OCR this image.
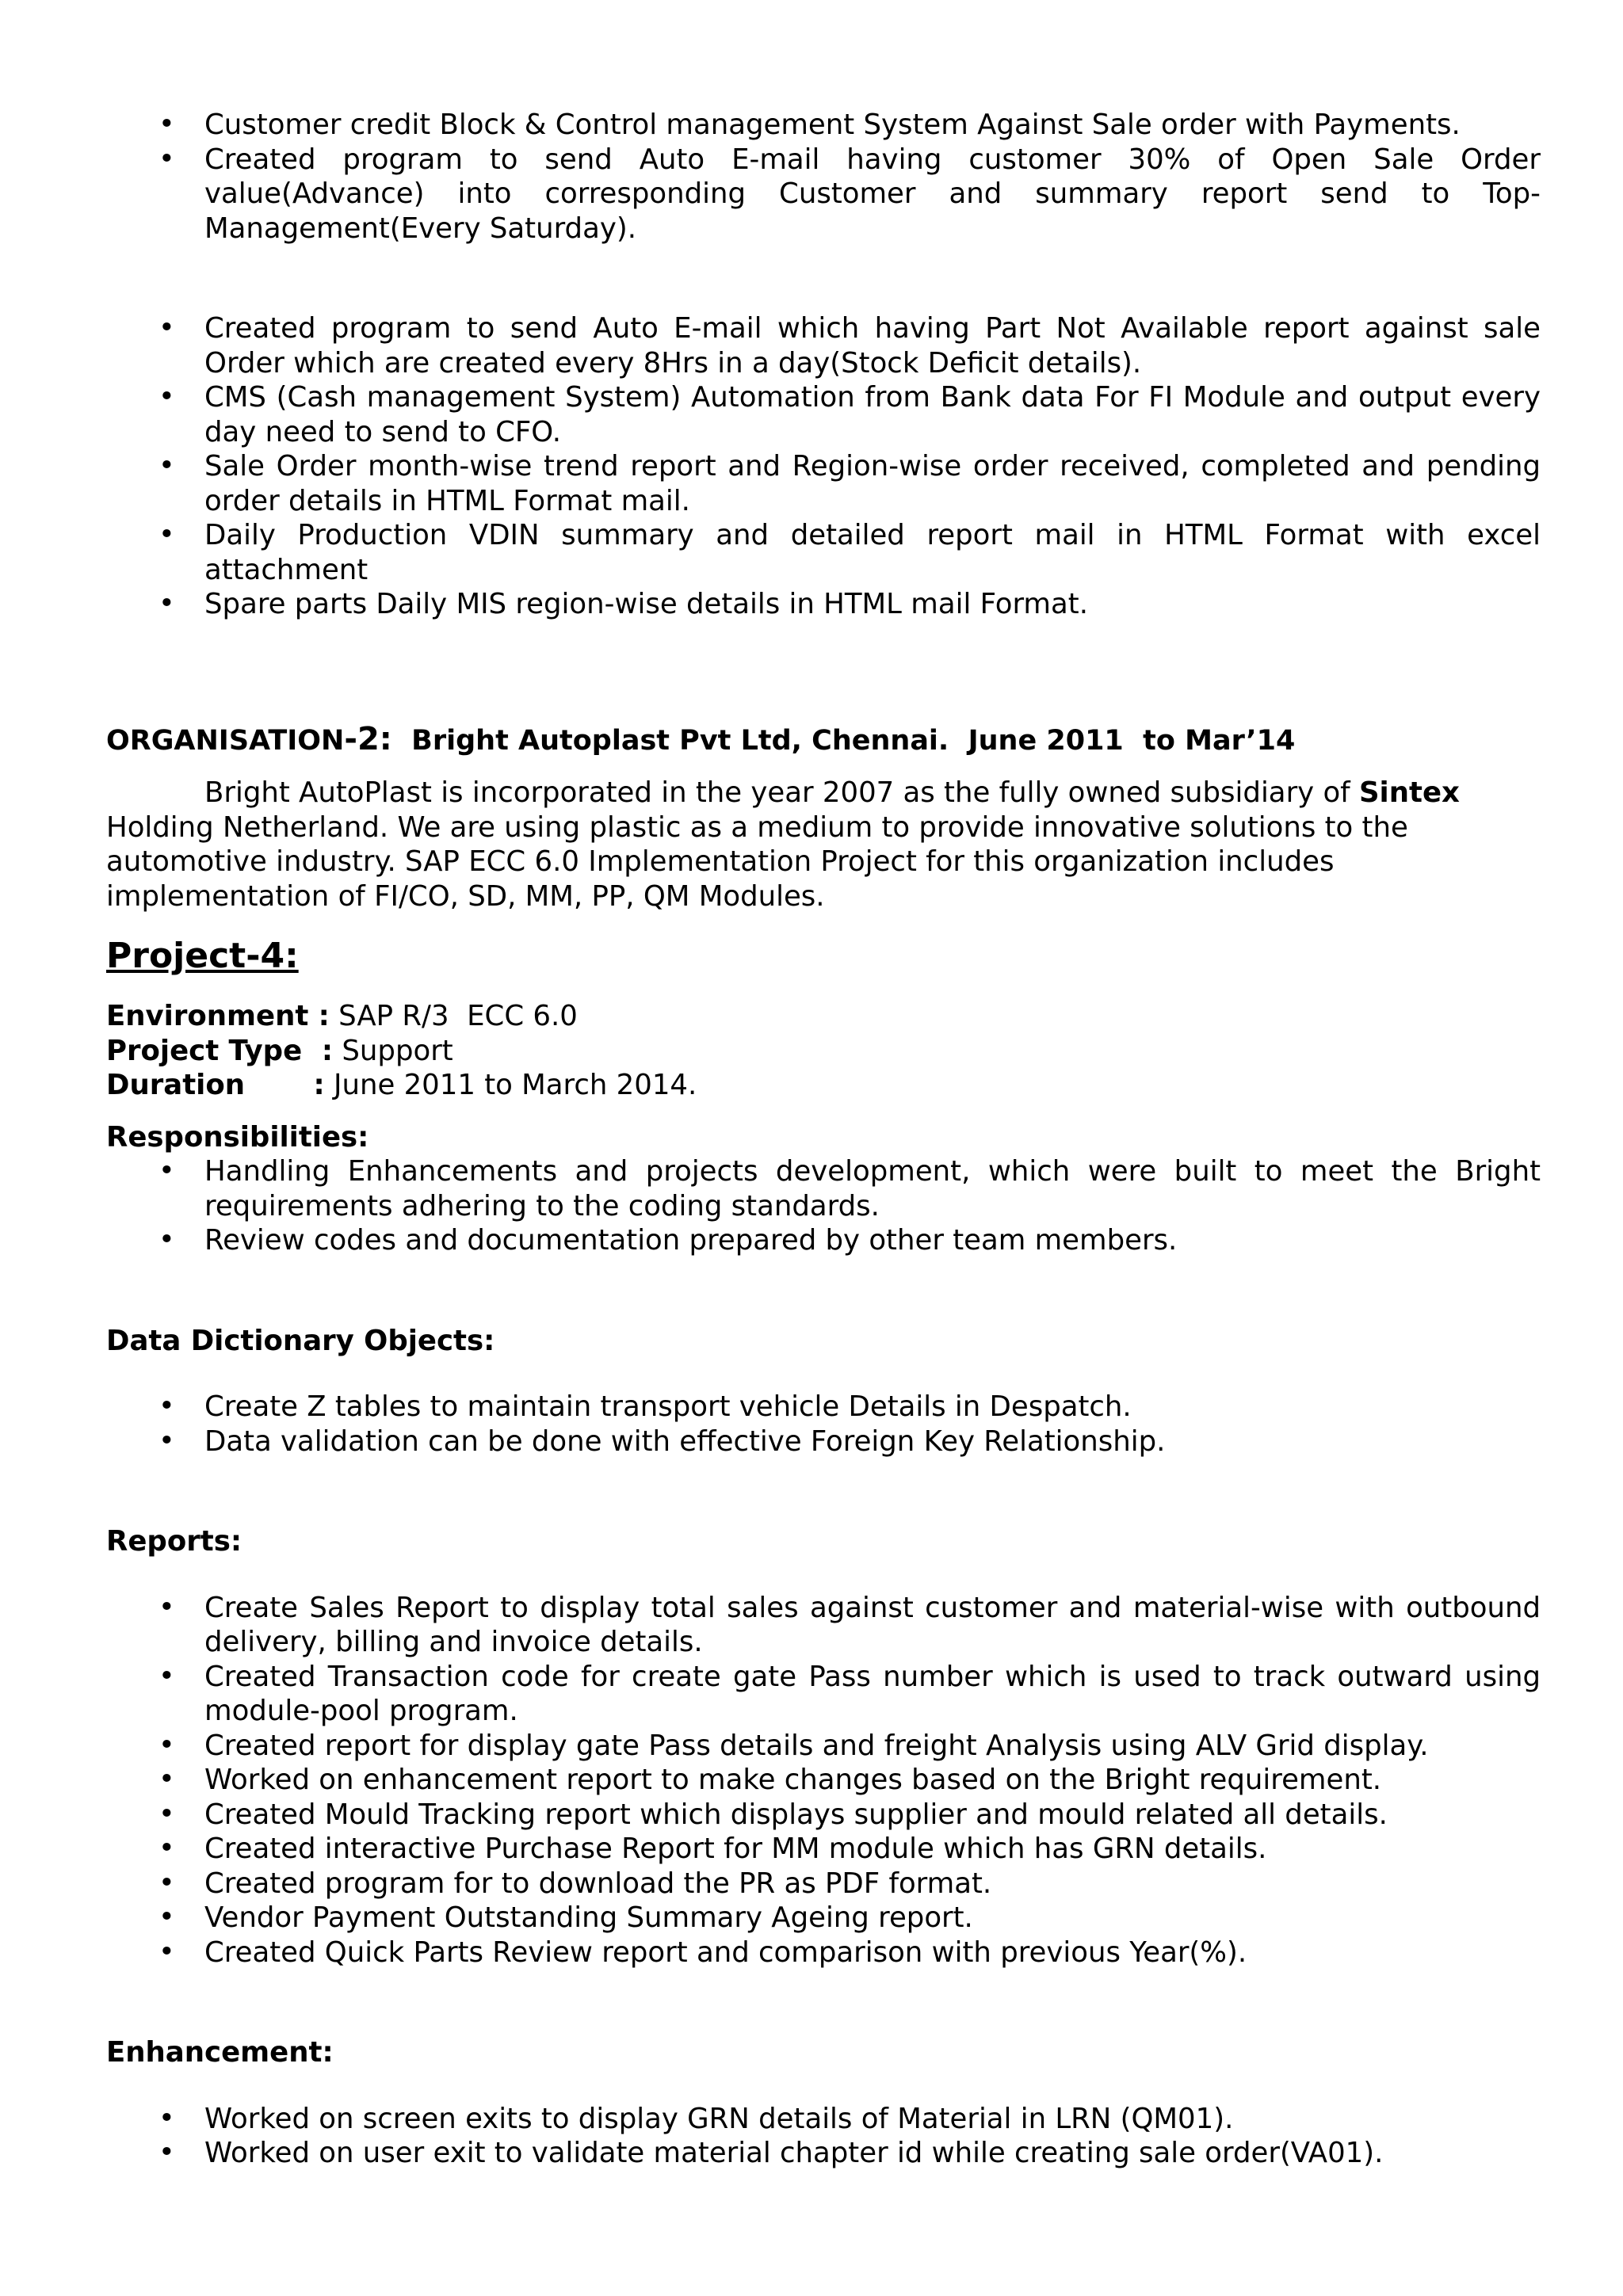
• Customer credit Block & Control management System Against Sale order with Payments.
• Created program to send Auto E-mail having customer 30% of Open Sale Order value(Advance) into corresponding Customer and summary report send to Top-Management(Every Saturday).
• Created program to send Auto E-mail which having Part Not Available report against sale Order which are created every 8Hrs in a day(Stock Deficit details).
• CMS (Cash management System) Automation from Bank data For FI Module and output every day need to send to CFO.
• Sale Order month-wise trend report and Region-wise order received, completed and pending order details in HTML Format mail.
• Daily Production VDIN summary and detailed report mail in HTML Format with excel attachment
• Spare parts Daily MIS region-wise details in HTML mail Format.

ORGANISATION-2:  Bright Autoplast Pvt Ltd, Chennai.  June 2011  to Mar’14

Bright AutoPlast is incorporated in the year 2007 as the fully owned subsidiary of Sintex Holding Netherland. We are using plastic as a medium to provide innovative solutions to the automotive industry. SAP ECC 6.0 Implementation Project for this organization includes implementation of FI/CO, SD, MM, PP, QM Modules.

Project-4:

Environment : SAP R/3  ECC 6.0

Project Type  : Support

Duration       : June 2011 to March 2014.

Responsibilities:

• Handling Enhancements and projects development, which were built to meet the Bright requirements adhering to the coding standards.
• Review codes and documentation prepared by other team members.

Data Dictionary Objects:

• Create Z tables to maintain transport vehicle Details in Despatch.
• Data validation can be done with effective Foreign Key Relationship.

Reports:

• Create Sales Report to display total sales against customer and material-wise with outbound delivery, billing and invoice details.
• Created Transaction code for create gate Pass number which is used to track outward using module-pool program.
• Created report for display gate Pass details and freight Analysis using ALV Grid display.
• Worked on enhancement report to make changes based on the Bright requirement.
• Created Mould Tracking report which displays supplier and mould related all details.
• Created interactive Purchase Report for MM module which has GRN details.
• Created program for to download the PR as PDF format.
• Vendor Payment Outstanding Summary Ageing report.
• Created Quick Parts Review report and comparison with previous Year(%).

Enhancement:

• Worked on screen exits to display GRN details of Material in LRN (QM01).
• Worked on user exit to validate material chapter id while creating sale order(VA01).
